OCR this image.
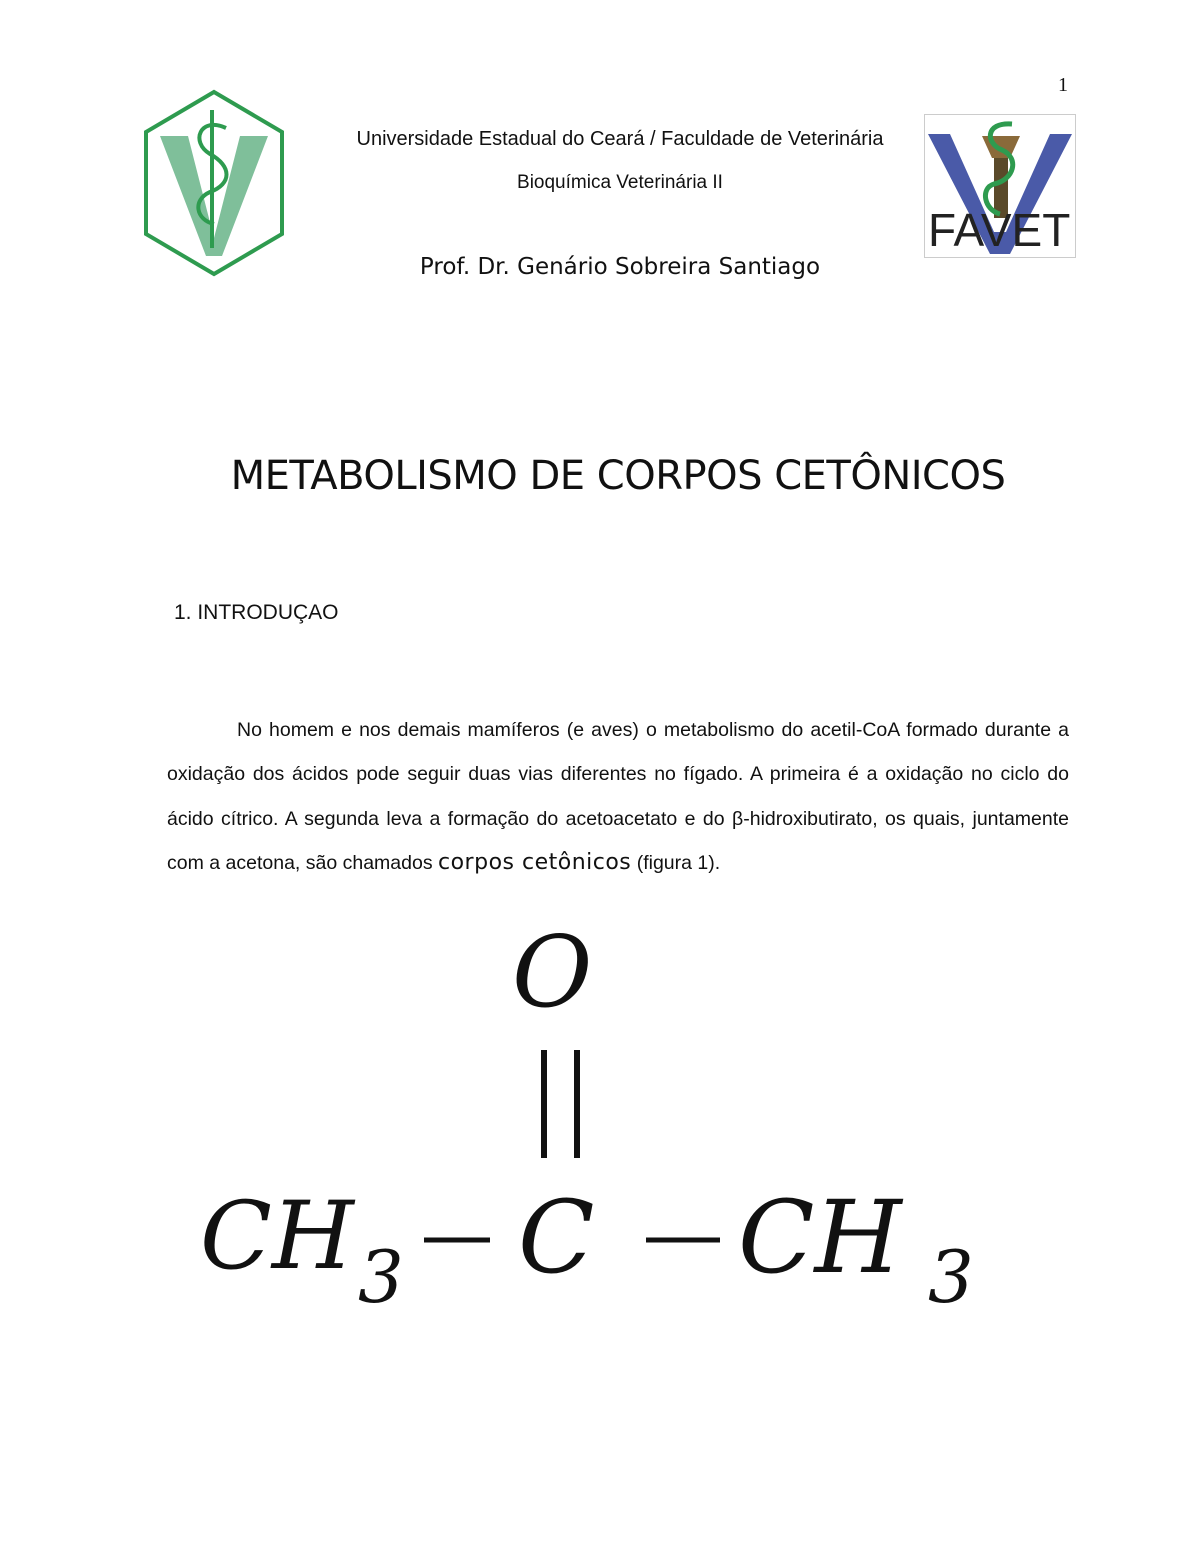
1
FAVET
Universidade Estadual do Ceará / Faculdade de Veterinária
Bioquímica Veterinária II
Prof. Dr. Genário Sobreira Santiago
METABOLISMO DE CORPOS CETÔNICOS
1. INTRODUÇAO

No homem e nos demais mamíferos (e aves) o metabolismo do acetil-CoA formado durante a oxidação dos ácidos pode seguir duas vias diferentes no fígado. A primeira é a oxidação no ciclo do ácido cítrico. A segunda leva a formação do acetoacetato e do β-hidroxibutirato, os quais, juntamente com a acetona, são chamados corpos cetônicos (figura 1).

O
CH 3 C CH 3
